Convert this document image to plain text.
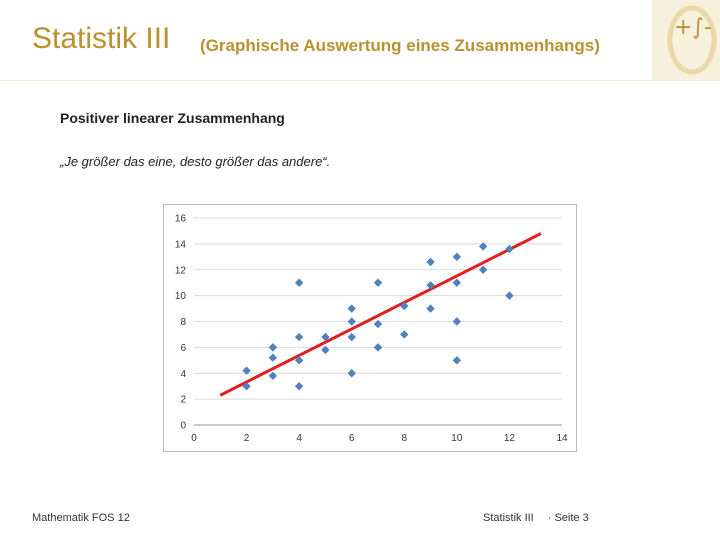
Statistik III (Graphische Auswertung eines Zusammenhangs)
+∫-
Positiver linearer Zusammenhang
„Je größer das eine, desto größer das andere“.
0
2
4
6
8
10
12
14
16
0	2	4	6	8	10	12	14
Mathematik FOS 12	Statistik III · Seite 3
